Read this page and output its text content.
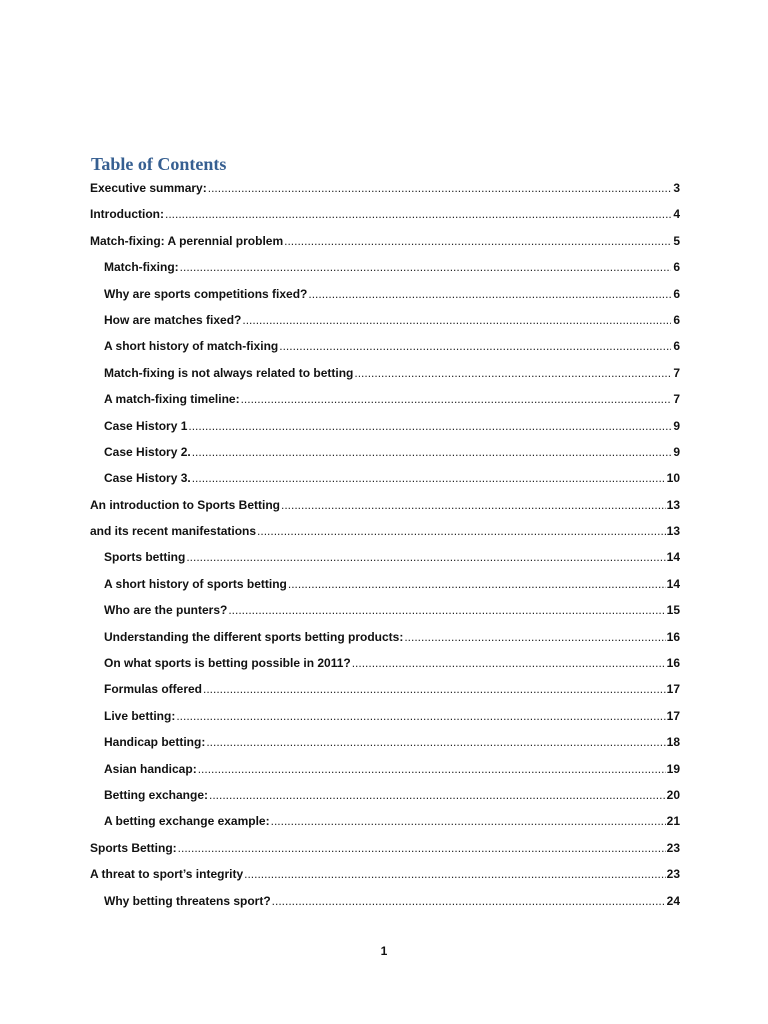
Table of Contents
Executive summary: .....	3
Introduction: .....	4
Match-fixing: A perennial problem .....	5
Match-fixing: .....	6
Why are sports competitions fixed? .....	6
How are matches fixed? .....	6
A short history of match-fixing .....	6
Match-fixing is not always related to betting .....	7
A match-fixing timeline: .....	7
Case History 1 .....	9
Case History 2. .....	9
Case History 3. .....	10
An introduction to Sports Betting .....	13
and its recent manifestations .....	13
Sports betting .....	14
A short history of sports betting .....	14
Who are the punters? .....	15
Understanding the different sports betting products: .....	16
On what sports is betting possible in 2011? .....	16
Formulas offered .....	17
Live betting: .....	17
Handicap betting: .....	18
Asian handicap: .....	19
Betting exchange: .....	20
A betting exchange example: .....	21
Sports Betting: .....	23
A threat to sport’s integrity .....	23
Why betting threatens sport? .....	24
1
